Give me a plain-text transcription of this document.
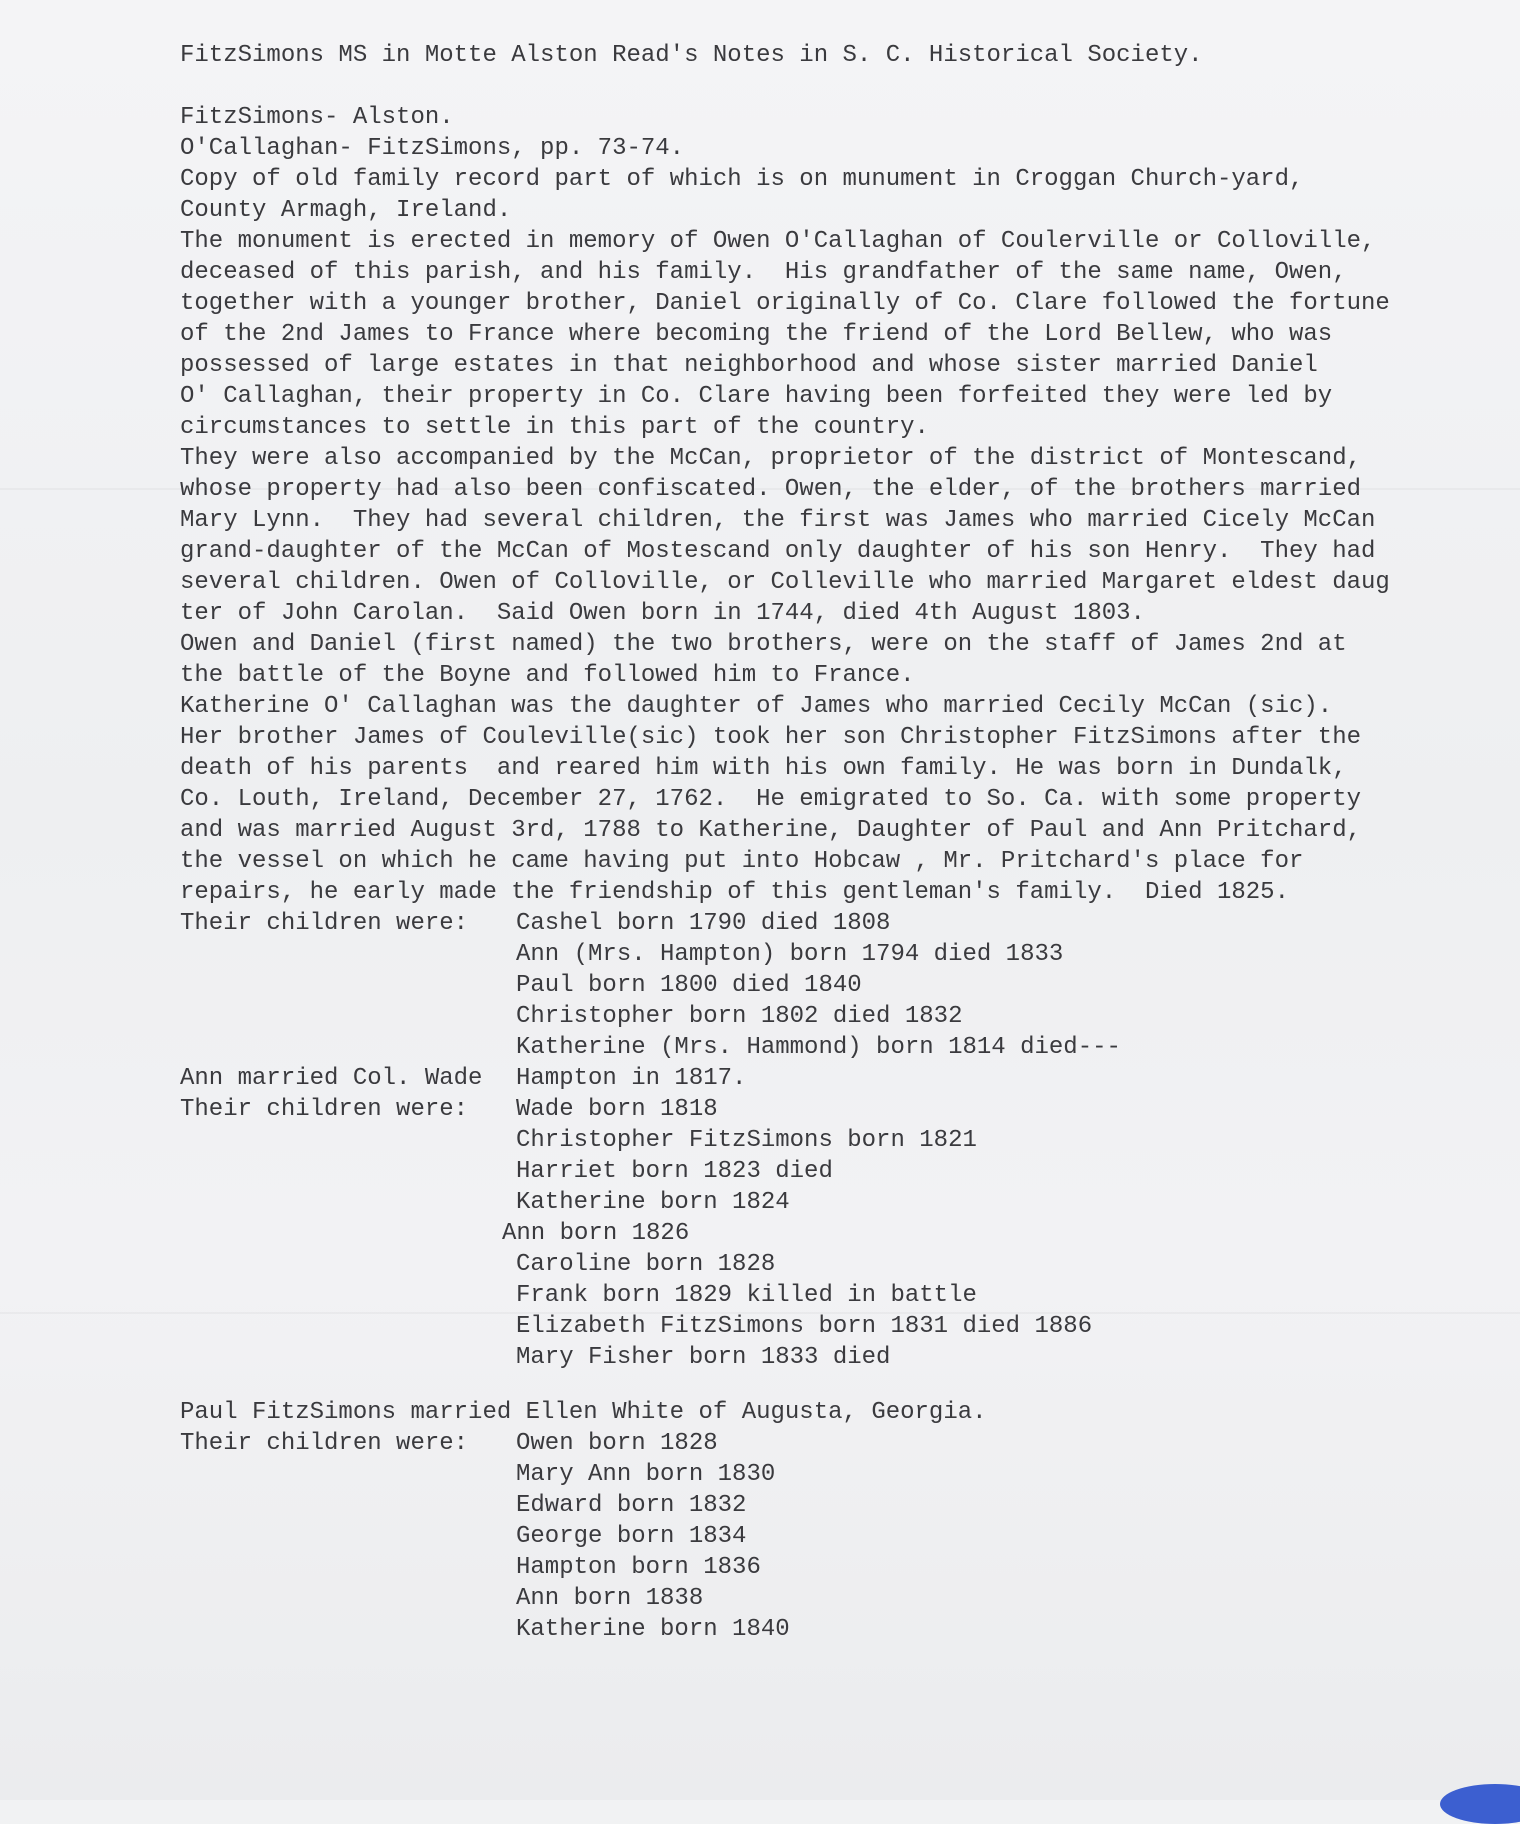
FitzSimons MS in Motte Alston Read's Notes in S. C. Historical Society.
FitzSimons- Alston.
O'Callaghan- FitzSimons, pp. 73-74.
Copy of old family record part of which is on munument in Croggan Church-yard,
County Armagh, Ireland.
The monument is erected in memory of Owen O'Callaghan of Coulerville or Colloville,
deceased of this parish, and his family.  His grandfather of the same name, Owen,
together with a younger brother, Daniel originally of Co. Clare followed the fortune
of the 2nd James to France where becoming the friend of the Lord Bellew, who was
possessed of large estates in that neighborhood and whose sister married Daniel
O' Callaghan, their property in Co. Clare having been forfeited they were led by
circumstances to settle in this part of the country.
They were also accompanied by the McCan, proprietor of the district of Montescand,
whose property had also been confiscated. Owen, the elder, of the brothers married
Mary Lynn.  They had several children, the first was James who married Cicely McCan
grand-daughter of the McCan of Mostescand only daughter of his son Henry.  They had
several children. Owen of Colloville, or Colleville who married Margaret eldest daug
ter of John Carolan.  Said Owen born in 1744, died 4th August 1803.
Owen and Daniel (first named) the two brothers, were on the staff of James 2nd at
the battle of the Boyne and followed him to France.
Katherine O' Callaghan was the daughter of James who married Cecily McCan (sic).
Her brother James of Couleville(sic) took her son Christopher FitzSimons after the
death of his parents  and reared him with his own family. He was born in Dundalk,
Co. Louth, Ireland, December 27, 1762.  He emigrated to So. Ca. with some property
and was married August 3rd, 1788 to Katherine, Daughter of Paul and Ann Pritchard,
the vessel on which he came having put into Hobcaw , Mr. Pritchard's place for
repairs, he early made the friendship of this gentleman's family.  Died 1825.
Their children were:	Cashel born 1790 died 1808
Ann (Mrs. Hampton) born 1794 died 1833
Paul born 1800 died 1840
Christopher born 1802 died 1832
Katherine (Mrs. Hammond) born 1814 died---
Ann married Col. Wade	Hampton in 1817.
Their children were:	Wade born 1818
Christopher FitzSimons born 1821
Harriet born 1823 died
Katherine born 1824
Ann born 1826
Caroline born 1828
Frank born 1829 killed in battle
Elizabeth FitzSimons born 1831 died 1886
Mary Fisher born 1833 died
Paul FitzSimons married Ellen White of Augusta, Georgia.
Their children were:	Owen born 1828
Mary Ann born 1830
Edward born 1832
George born 1834
Hampton born 1836
Ann born 1838
Katherine born 1840
